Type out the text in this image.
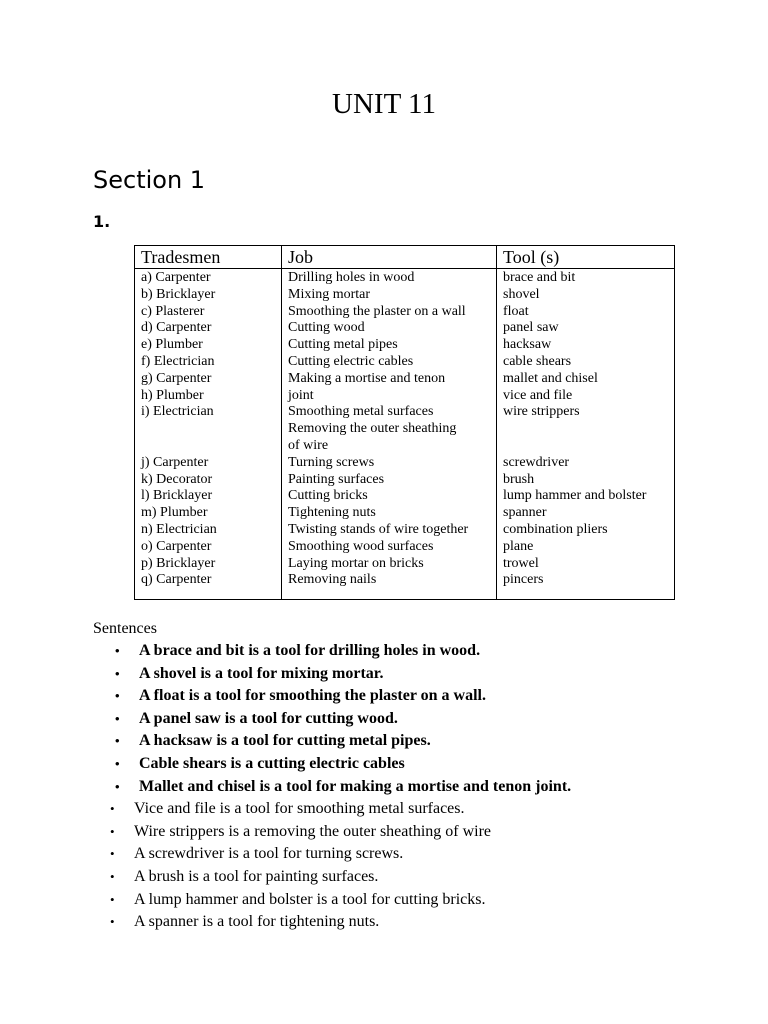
UNIT 11
Section 1
1.
Tradesmen	Job	Tool (s)
a) Carpenter
b) Bricklayer
c) Plasterer
d) Carpenter
e) Plumber
f) Electrician
g) Carpenter
h) Plumber
i) Electrician
j) Carpenter
k) Decorator
l) Bricklayer
m) Plumber
n) Electrician
o) Carpenter
p) Bricklayer
q) Carpenter
Drilling holes in wood
Mixing mortar
Smoothing the plaster on a wall
Cutting wood
Cutting metal pipes
Cutting electric cables
Making a mortise and tenon
joint
Smoothing metal surfaces
Removing the outer sheathing
of wire
Turning screws
Painting surfaces
Cutting bricks
Tightening nuts
Twisting stands of wire together
Smoothing wood surfaces
Laying mortar on bricks
Removing nails
brace and bit
shovel
float
panel saw
hacksaw
cable shears
mallet and chisel
vice and file
wire strippers
screwdriver
brush
lump hammer and bolster
spanner
combination pliers
plane
trowel
pincers
Sentences
• A brace and bit is a tool for drilling holes in wood.
• A shovel is a tool for mixing mortar.
• A float is a tool for smoothing the plaster on a wall.
• A panel saw is a tool for cutting wood.
• A hacksaw is a tool for cutting metal pipes.
• Cable shears is a cutting electric cables
• Mallet and chisel is a tool for making a mortise and tenon joint.
• Vice and file is a tool for smoothing metal surfaces.
• Wire strippers is a removing the outer sheathing of wire
• A screwdriver is a tool for turning screws.
• A brush is a tool for painting surfaces.
• A lump hammer and bolster is a tool for cutting bricks.
• A spanner is a tool for tightening nuts.
